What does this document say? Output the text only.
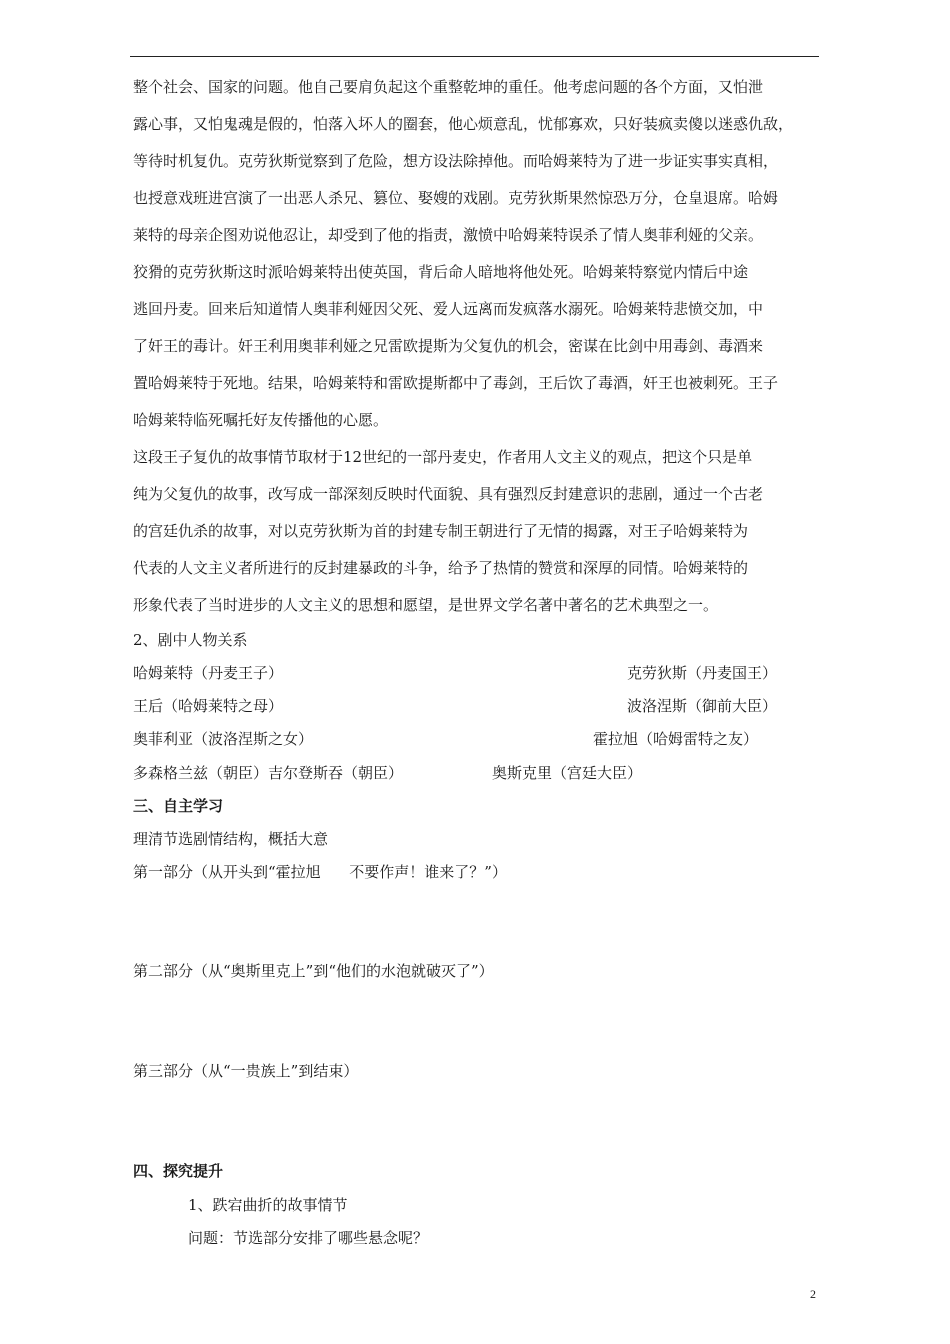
整个社会、国家的问题。他自己要肩负起这个重整乾坤的重任。他考虑问题的各个方面，又怕泄
露心事，又怕鬼魂是假的，怕落入坏人的圈套，他心烦意乱，忧郁寡欢，只好装疯卖傻以迷惑仇敌，
等待时机复仇。克劳狄斯觉察到了危险，想方设法除掉他。而哈姆莱特为了进一步证实事实真相，
也授意戏班进宫演了一出恶人杀兄、篡位、娶嫂的戏剧。克劳狄斯果然惊恐万分，仓皇退席。哈姆
莱特的母亲企图劝说他忍让，却受到了他的指责，激愤中哈姆莱特误杀了情人奥菲利娅的父亲。
狡猾的克劳狄斯这时派哈姆莱特出使英国，背后命人暗地将他处死。哈姆莱特察觉内情后中途
逃回丹麦。回来后知道情人奥菲利娅因父死、爱人远离而发疯落水溺死。哈姆莱特悲愤交加，中
了奸王的毒计。奸王利用奥菲利娅之兄雷欧提斯为父复仇的机会，密谋在比剑中用毒剑、毒酒来
置哈姆莱特于死地。结果，哈姆莱特和雷欧提斯都中了毒剑，王后饮了毒酒，奸王也被刺死。王子
哈姆莱特临死嘱托好友传播他的心愿。
这段王子复仇的故事情节取材于12世纪的一部丹麦史，作者用人文主义的观点，把这个只是单
纯为父复仇的故事，改写成一部深刻反映时代面貌、具有强烈反封建意识的悲剧，通过一个古老
的宫廷仇杀的故事，对以克劳狄斯为首的封建专制王朝进行了无情的揭露，对王子哈姆莱特为
代表的人文主义者所进行的反封建暴政的斗争，给予了热情的赞赏和深厚的同情。哈姆莱特的
形象代表了当时进步的人文主义的思想和愿望，是世界文学名著中著名的艺术典型之一。
2、剧中人物关系
哈姆莱特（丹麦王子）	克劳狄斯（丹麦国王）
王后（哈姆莱特之母）	波洛涅斯（御前大臣）
奥菲利亚（波洛涅斯之女）	霍拉旭（哈姆雷特之友）
多森格兰兹（朝臣）吉尔登斯吞（朝臣）	奥斯克里（宫廷大臣）
三、自主学习
理清节选剧情结构，概括大意
第一部分（从开头到“霍拉旭      不要作声！谁来了？”）
第二部分（从“奥斯里克上”到“他们的水泡就破灭了”）
第三部分（从“一贵族上”到结束）
四、探究提升
1、跌宕曲折的故事情节
问题：节选部分安排了哪些悬念呢？
2
